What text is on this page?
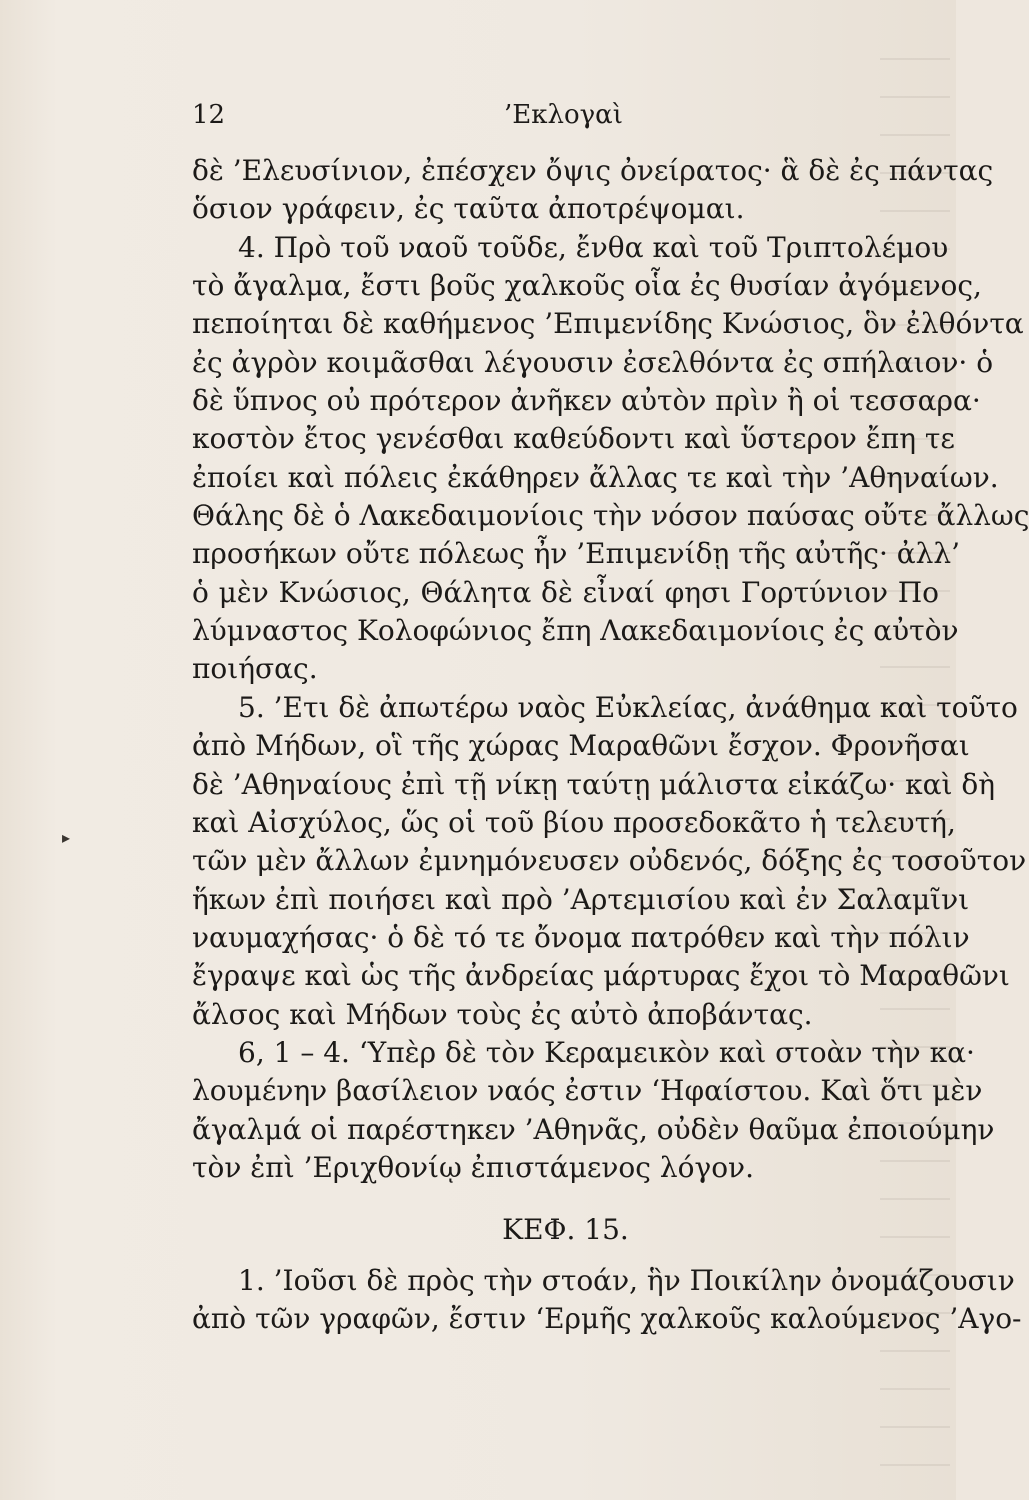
12	’Εκλογαὶ
▸
δὲ ’Ελευσίνιον, ἐπέσχεν ὄψις ὀνείρατος· ἃ δὲ ἐς πάντας
ὅσιον γράφειν, ἐς ταῦτα ἀποτρέψομαι.
4. Πρὸ τοῦ ναοῦ τοῦδε, ἔνθα καὶ τοῦ Τριπτολέμου
τὸ ἄγαλμα, ἔστι βοῦς χαλκοῦς οἷα ἐς θυσίαν ἀγόμενος,
πεποίηται δὲ καθήμενος ’Επιμενίδης Κνώσιος, ὃν ἐλθόντα
ἐς ἀγρὸν κοιμᾶσθαι λέγουσιν ἐσελθόντα ἐς σπήλαιον· ὁ
δὲ ὕπνος οὐ πρότερον ἀνῆκεν αὐτὸν πρὶν ἢ οἱ τεσσαρα·
κοστὸν ἔτος γενέσθαι καθεύδοντι καὶ ὕστερον ἔπη τε
ἐποίει καὶ πόλεις ἐκάθηρεν ἄλλας τε καὶ τὴν ’Αθηναίων.
Θάλης δὲ ὁ Λακεδαιμονίοις τὴν νόσον παύσας οὔτε ἄλλως
προσήκων οὔτε πόλεως ἦν ’Επιμενίδῃ τῆς αὐτῆς· ἀλλ’
ὁ μὲν Κνώσιος, Θάλητα δὲ εἶναί φησι Γορτύνιον Πο
λύμναστος Κολοφώνιος ἔπη Λακεδαιμονίοις ἐς αὐτὸν
ποιήσας.
5. ’Ετι δὲ ἀπωτέρω ναὸς Εὐκλείας, ἀνάθημα καὶ τοῦτο
ἀπὸ Μήδων, οἳ τῆς χώρας Μαραθῶνι ἔσχον. Φρονῆσαι
δὲ ’Αθηναίους ἐπὶ τῇ νίκῃ ταύτῃ μάλιστα εἰκάζω· καὶ δὴ
καὶ Αἰσχύλος, ὥς οἱ τοῦ βίου προσεδοκᾶτο ἡ τελευτή,
τῶν μὲν ἄλλων ἐμνημόνευσεν οὐδενός, δόξης ἐς τοσοῦτον
ἥκων ἐπὶ ποιήσει καὶ πρὸ ’Αρτεμισίου καὶ ἐν Σαλαμῖνι
ναυμαχήσας· ὁ δὲ τό τε ὄνομα πατρόθεν καὶ τὴν πόλιν
ἔγραψε καὶ ὡς τῆς ἀνδρείας μάρτυρας ἔχοι τὸ Μαραθῶνι
ἄλσος καὶ Μήδων τοὺς ἐς αὐτὸ ἀποβάντας.
6, 1 – 4. ‘Υπὲρ δὲ τὸν Κεραμεικὸν καὶ στοὰν τὴν κα·
λουμένην βασίλειον ναός ἐστιν ‘Ηφαίστου. Καὶ ὅτι μὲν
ἄγαλμά οἱ παρέστηκεν ’Αθηνᾶς, οὐδὲν θαῦμα ἐποιούμην
τὸν ἐπὶ ’Εριχθονίῳ ἐπιστάμενος λόγον.
ΚΕΦ. 15.
1. ’Ιοῦσι δὲ πρὸς τὴν στοάν, ἣν Ποικίλην ὀνομάζουσιν
ἀπὸ τῶν γραφῶν, ἔστιν ‘Ερμῆς χαλκοῦς καλούμενος ’Αγο-
